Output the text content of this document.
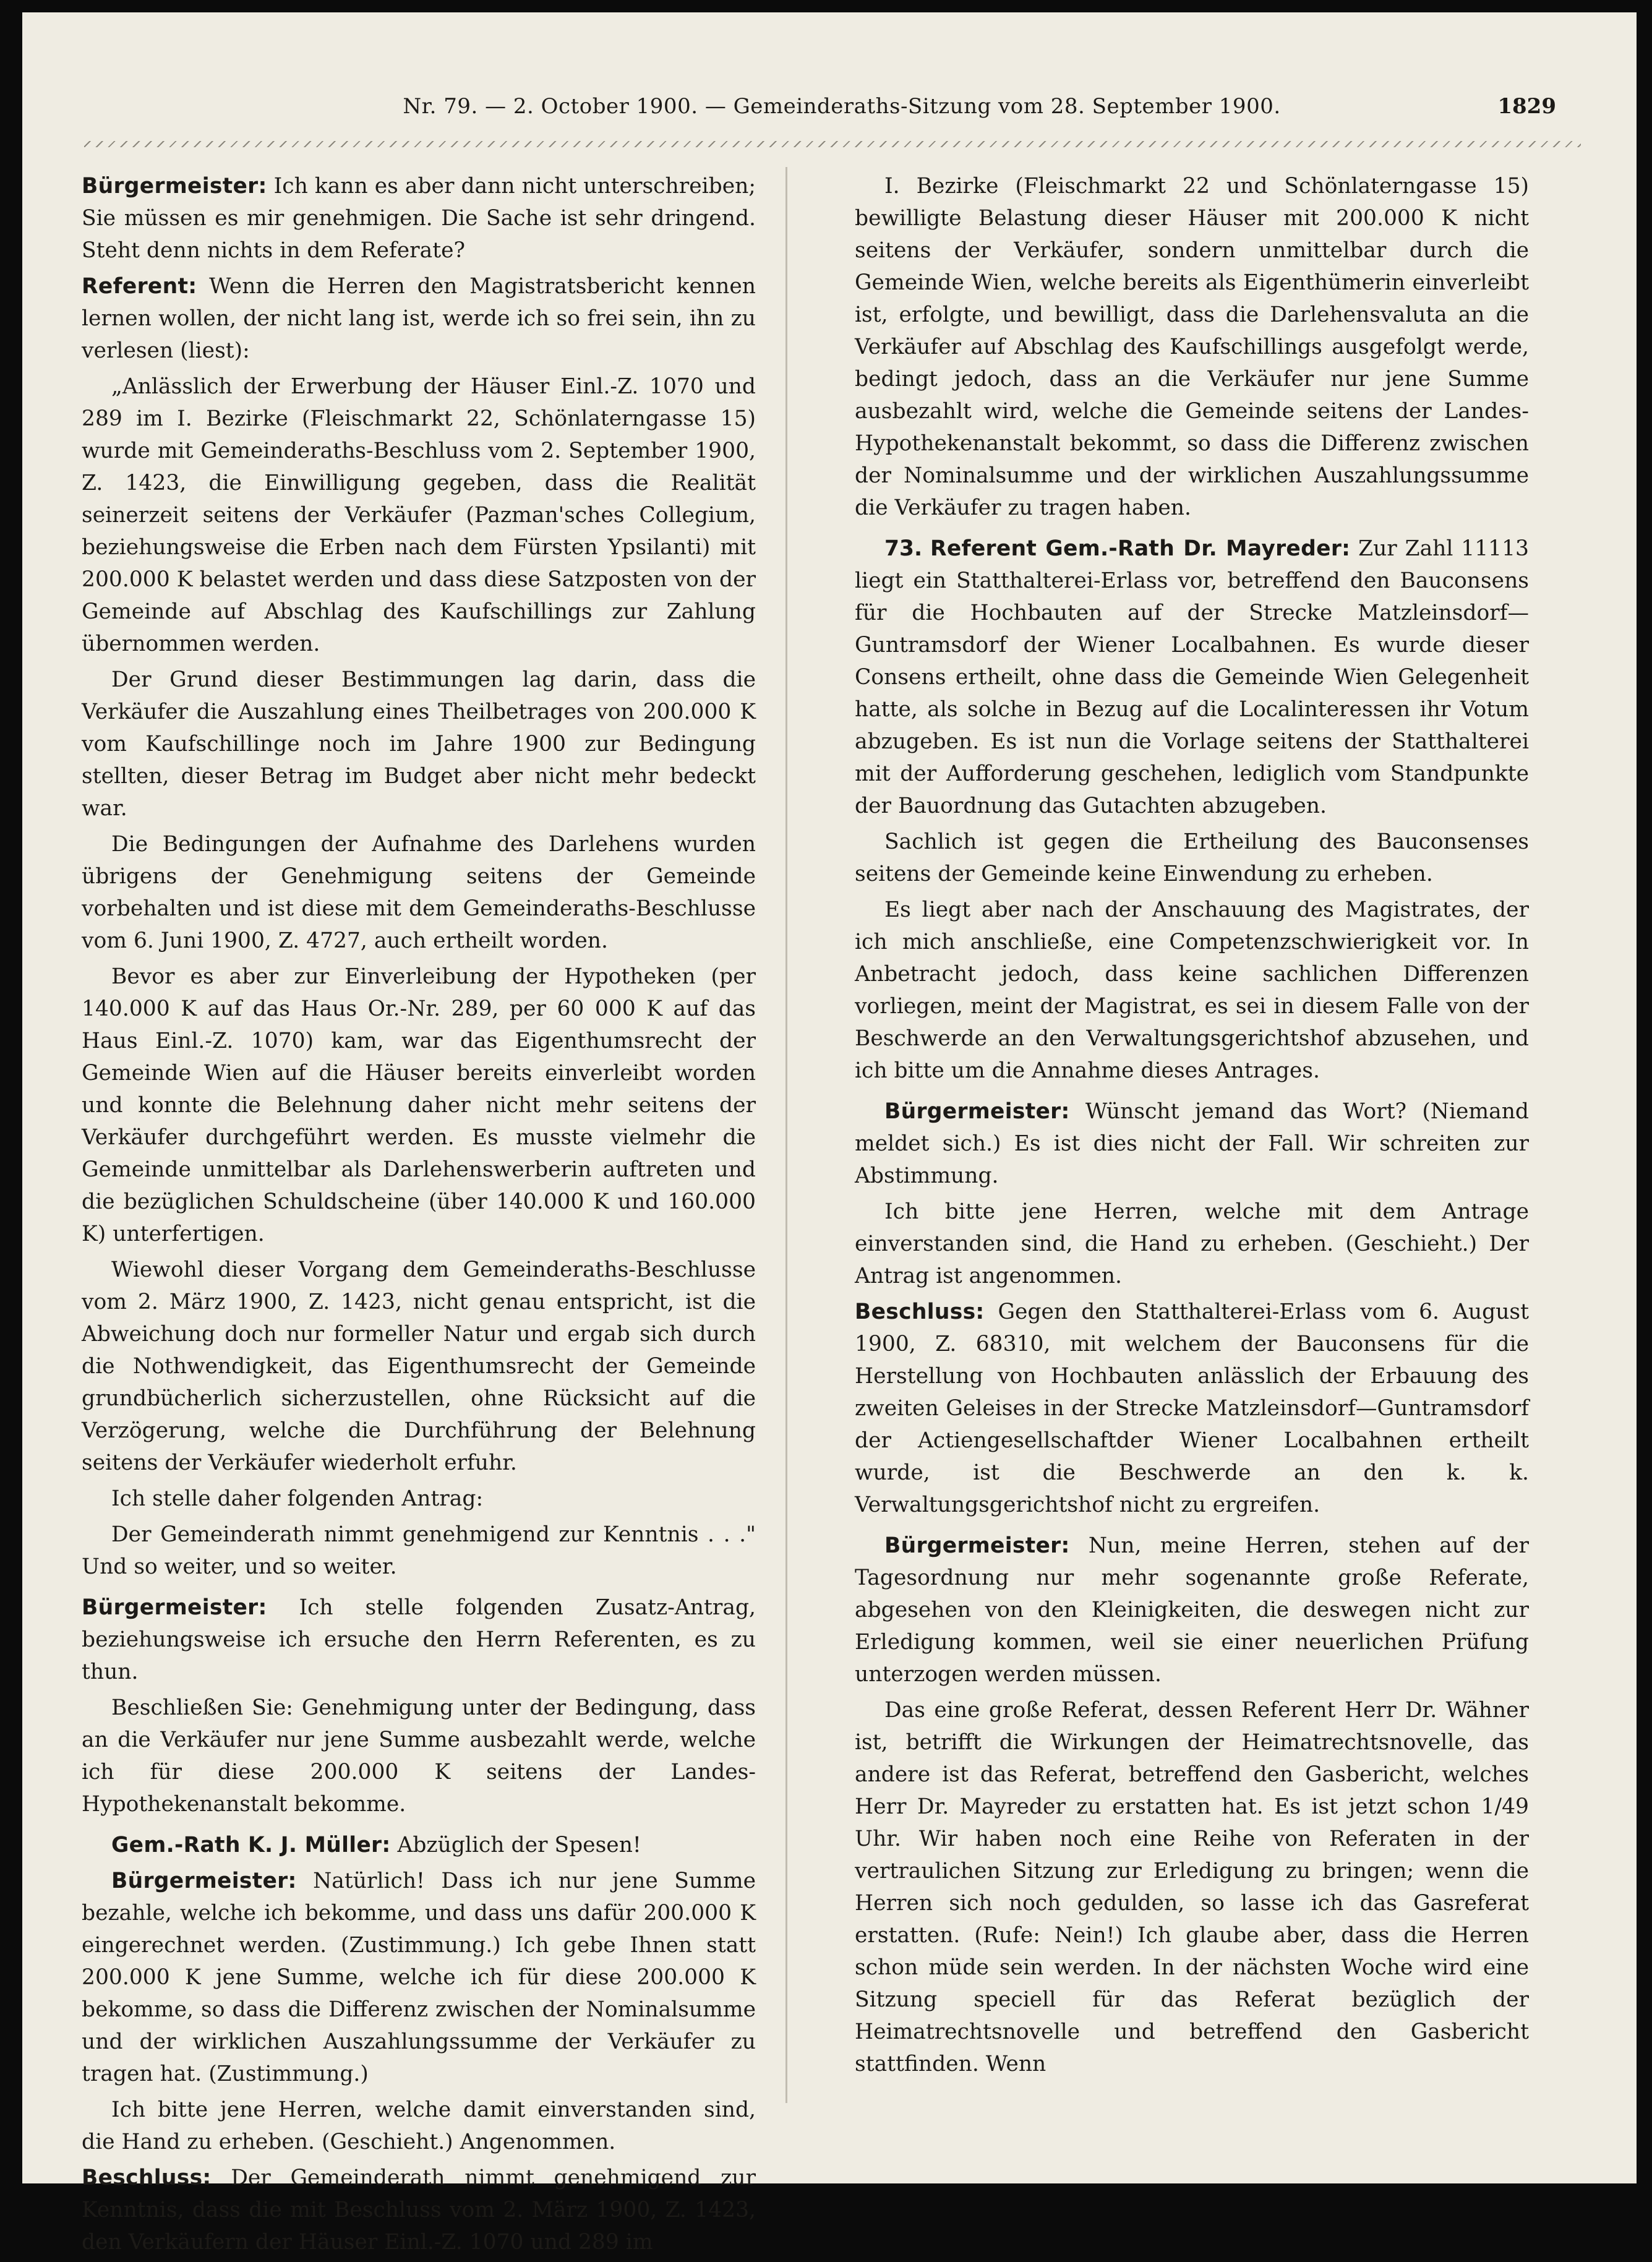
Nr. 79. — 2. October 1900. — Gemeinderaths-Sitzung vom 28. September 1900.	1829

Bürgermeister: Ich kann es aber dann nicht unterschreiben; Sie müssen es mir genehmigen. Die Sache ist sehr dringend. Steht denn nichts in dem Referate?

Referent: Wenn die Herren den Magistratsbericht kennen lernen wollen, der nicht lang ist, werde ich so frei sein, ihn zu verlesen (liest):

„Anlässlich der Erwerbung der Häuser Einl.-Z. 1070 und 289 im I. Bezirke (Fleischmarkt 22, Schönlaterngasse 15) wurde mit Gemeinderaths-Beschluss vom 2. September 1900, Z. 1423, die Einwilligung gegeben, dass die Realität seinerzeit seitens der Verkäufer (Pazman'sches Collegium, beziehungsweise die Erben nach dem Fürsten Ypsilanti) mit 200.000 K belastet werden und dass diese Satzposten von der Gemeinde auf Abschlag des Kaufschillings zur Zahlung übernommen werden.

Der Grund dieser Bestimmungen lag darin, dass die Verkäufer die Auszahlung eines Theilbetrages von 200.000 K vom Kaufschillinge noch im Jahre 1900 zur Bedingung stellten, dieser Betrag im Budget aber nicht mehr bedeckt war.

Die Bedingungen der Aufnahme des Darlehens wurden übrigens der Genehmigung seitens der Gemeinde vorbehalten und ist diese mit dem Gemeinderaths-Beschlusse vom 6. Juni 1900, Z. 4727, auch ertheilt worden.

Bevor es aber zur Einverleibung der Hypotheken (per 140.000 K auf das Haus Or.-Nr. 289, per 60 000 K auf das Haus Einl.-Z. 1070) kam, war das Eigenthumsrecht der Gemeinde Wien auf die Häuser bereits einverleibt worden und konnte die Belehnung daher nicht mehr seitens der Verkäufer durchgeführt werden. Es musste vielmehr die Gemeinde unmittelbar als Darlehenswerberin auftreten und die bezüglichen Schuldscheine (über 140.000 K und 160.000 K) unterfertigen.

Wiewohl dieser Vorgang dem Gemeinderaths-Beschlusse vom 2. März 1900, Z. 1423, nicht genau entspricht, ist die Abweichung doch nur formeller Natur und ergab sich durch die Nothwendigkeit, das Eigenthumsrecht der Gemeinde grundbücherlich sicherzustellen, ohne Rücksicht auf die Verzögerung, welche die Durchführung der Belehnung seitens der Verkäufer wiederholt erfuhr.

Ich stelle daher folgenden Antrag:

Der Gemeinderath nimmt genehmigend zur Kenntnis . . ." Und so weiter, und so weiter.

Bürgermeister: Ich stelle folgenden Zusatz-Antrag, beziehungsweise ich ersuche den Herrn Referenten, es zu thun.

Beschließen Sie: Genehmigung unter der Bedingung, dass an die Verkäufer nur jene Summe ausbezahlt werde, welche ich für diese 200.000 K seitens der Landes-Hypothekenanstalt bekomme.

Gem.-Rath K. J. Müller: Abzüglich der Spesen!

Bürgermeister: Natürlich! Dass ich nur jene Summe bezahle, welche ich bekomme, und dass uns dafür 200.000 K eingerechnet werden. (Zustimmung.) Ich gebe Ihnen statt 200.000 K jene Summe, welche ich für diese 200.000 K bekomme, so dass die Differenz zwischen der Nominalsumme und der wirklichen Auszahlungssumme der Verkäufer zu tragen hat. (Zustimmung.)

Ich bitte jene Herren, welche damit einverstanden sind, die Hand zu erheben. (Geschieht.) Angenommen.

Beschluss: Der Gemeinderath nimmt genehmigend zur Kenntnis, dass die mit Beschluss vom 2. März 1900, Z. 1423, den Verkäufern der Häuser Einl.-Z. 1070 und 289 im

I. Bezirke (Fleischmarkt 22 und Schönlaterngasse 15) bewilligte Belastung dieser Häuser mit 200.000 K nicht seitens der Verkäufer, sondern unmittelbar durch die Gemeinde Wien, welche bereits als Eigenthümerin einverleibt ist, erfolgte, und bewilligt, dass die Darlehensvaluta an die Verkäufer auf Abschlag des Kaufschillings ausgefolgt werde, bedingt jedoch, dass an die Verkäufer nur jene Summe ausbezahlt wird, welche die Gemeinde seitens der Landes-Hypothekenanstalt bekommt, so dass die Differenz zwischen der Nominalsumme und der wirklichen Auszahlungssumme die Verkäufer zu tragen haben.

73. Referent Gem.-Rath Dr. Mayreder: Zur Zahl 11113 liegt ein Statthalterei-Erlass vor, betreffend den Bauconsens für die Hochbauten auf der Strecke Matzleinsdorf—Guntramsdorf der Wiener Localbahnen. Es wurde dieser Consens ertheilt, ohne dass die Gemeinde Wien Gelegenheit hatte, als solche in Bezug auf die Localinteressen ihr Votum abzugeben. Es ist nun die Vorlage seitens der Statthalterei mit der Aufforderung geschehen, lediglich vom Standpunkte der Bauordnung das Gutachten abzugeben.

Sachlich ist gegen die Ertheilung des Bauconsenses seitens der Gemeinde keine Einwendung zu erheben.

Es liegt aber nach der Anschauung des Magistrates, der ich mich anschließe, eine Competenzschwierigkeit vor. In Anbetracht jedoch, dass keine sachlichen Differenzen vorliegen, meint der Magistrat, es sei in diesem Falle von der Beschwerde an den Verwaltungsgerichtshof abzusehen, und ich bitte um die Annahme dieses Antrages.

Bürgermeister: Wünscht jemand das Wort? (Niemand meldet sich.) Es ist dies nicht der Fall. Wir schreiten zur Abstimmung.

Ich bitte jene Herren, welche mit dem Antrage einverstanden sind, die Hand zu erheben. (Geschieht.) Der Antrag ist angenommen.

Beschluss: Gegen den Statthalterei-Erlass vom 6. August 1900, Z. 68310, mit welchem der Bauconsens für die Herstellung von Hochbauten anlässlich der Erbauung des zweiten Geleises in der Strecke Matzleinsdorf—Guntramsdorf der Actiengesellschaftder Wiener Localbahnen ertheilt wurde, ist die Beschwerde an den k. k. Verwaltungsgerichtshof nicht zu ergreifen.

Bürgermeister: Nun, meine Herren, stehen auf der Tagesordnung nur mehr sogenannte große Referate, abgesehen von den Kleinigkeiten, die deswegen nicht zur Erledigung kommen, weil sie einer neuerlichen Prüfung unterzogen werden müssen.

Das eine große Referat, dessen Referent Herr Dr. Wähner ist, betrifft die Wirkungen der Heimatrechtsnovelle, das andere ist das Referat, betreffend den Gasbericht, welches Herr Dr. Mayreder zu erstatten hat. Es ist jetzt schon 1/49 Uhr. Wir haben noch eine Reihe von Referaten in der vertraulichen Sitzung zur Erledigung zu bringen; wenn die Herren sich noch gedulden, so lasse ich das Gasreferat erstatten. (Rufe: Nein!) Ich glaube aber, dass die Herren schon müde sein werden. In der nächsten Woche wird eine Sitzung speciell für das Referat bezüglich der Heimatrechtsnovelle und betreffend den Gasbericht stattfinden. Wenn
